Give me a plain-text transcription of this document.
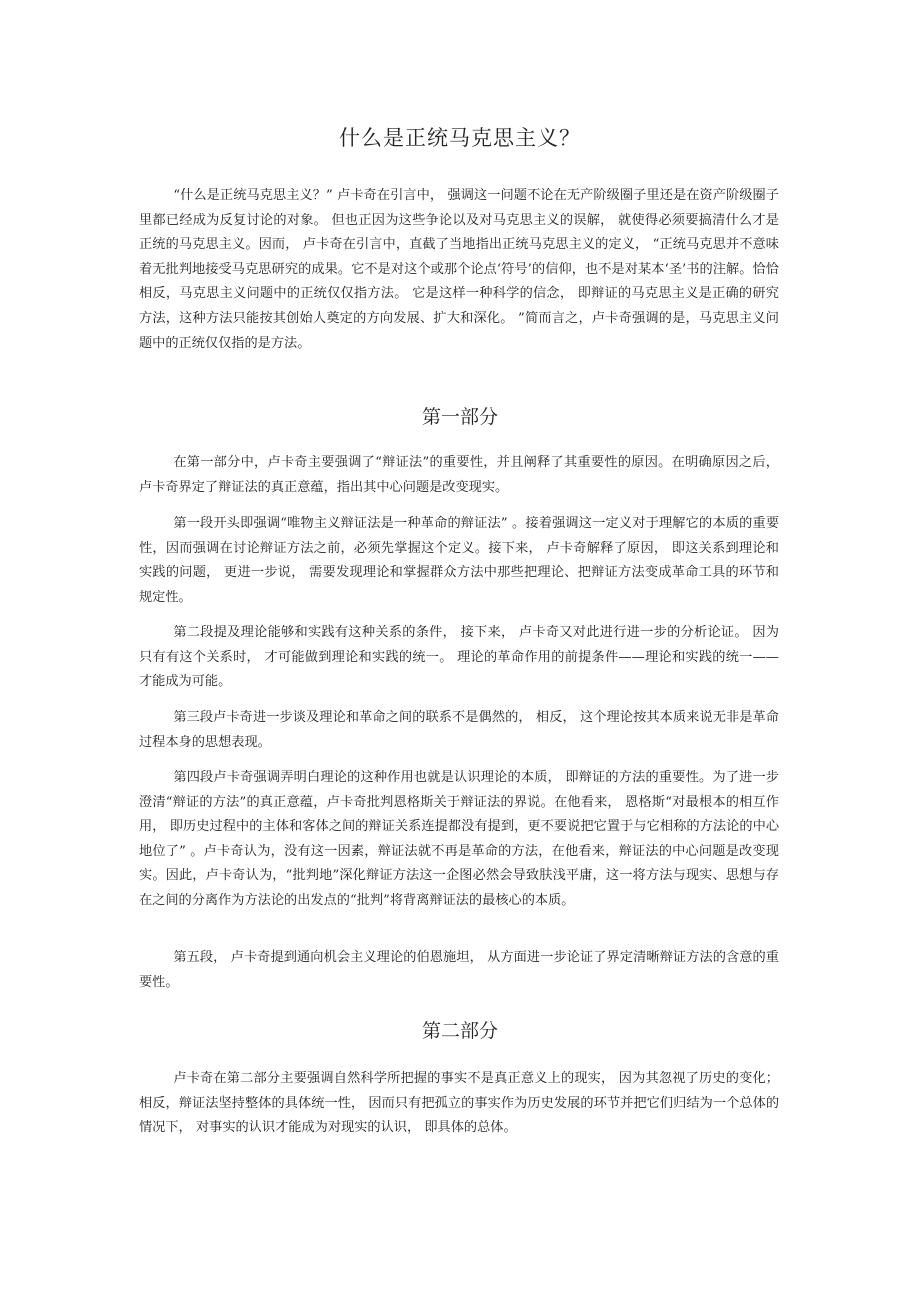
什么是正统马克思主义？

“什么是正统马克思主义？” 卢卡奇在引言中， 强调这一问题不论在无产阶级圈子里还是在资产阶级圈子里都已经成为反复讨论的对象。 但也正因为这些争论以及对马克思主义的误解， 就使得必须要搞清什么才是正统的马克思主义。因而， 卢卡奇在引言中，直截了当地指出正统马克思主义的定义， “正统马克思并不意味着无批判地接受马克思研究的成果。它不是对这个或那个论点‘符号’的信仰，也不是对某本‘圣’书的注解。恰恰相反，马克思主义问题中的正统仅仅指方法。 它是这样一种科学的信念， 即辩证的马克思主义是正确的研究方法，这种方法只能按其创始人奠定的方向发展、扩大和深化。 ”简而言之，卢卡奇强调的是，马克思主义问题中的正统仅仅指的是方法。

第一部分

在第一部分中，卢卡奇主要强调了“辩证法”的重要性，并且阐释了其重要性的原因。在明确原因之后，卢卡奇界定了辩证法的真正意蕴，指出其中心问题是改变现实。

第一段开头即强调“唯物主义辩证法是一种革命的辩证法” 。接着强调这一定义对于理解它的本质的重要性，因而强调在讨论辩证方法之前，必须先掌握这个定义。接下来， 卢卡奇解释了原因， 即这关系到理论和实践的问题， 更进一步说， 需要发现理论和掌握群众方法中那些把理论、把辩证方法变成革命工具的环节和规定性。

第二段提及理论能够和实践有这种关系的条件， 接下来， 卢卡奇又对此进行进一步的分析论证。 因为只有有这个关系时， 才可能做到理论和实践的统一。 理论的革命作用的前提条件——理论和实践的统一——才能成为可能。

第三段卢卡奇进一步谈及理论和革命之间的联系不是偶然的， 相反， 这个理论按其本质来说无非是革命过程本身的思想表现。

第四段卢卡奇强调弄明白理论的这种作用也就是认识理论的本质， 即辩证的方法的重要性。为了进一步澄清“辩证的方法”的真正意蕴，卢卡奇批判恩格斯关于辩证法的界说。在他看来， 恩格斯“对最根本的相互作用， 即历史过程中的主体和客体之间的辩证关系连提都没有提到，更不要说把它置于与它相称的方法论的中心地位了” 。卢卡奇认为，没有这一因素，辩证法就不再是革命的方法，在他看来，辩证法的中心问题是改变现实。因此，卢卡奇认为，“批判地”深化辩证方法这一企图必然会导致肤浅平庸，这一将方法与现实、思想与存在之间的分离作为方法论的出发点的“批判”将背离辩证法的最核心的本质。

第五段， 卢卡奇提到通向机会主义理论的伯恩施坦， 从方面进一步论证了界定清晰辩证方法的含意的重要性。

第二部分

卢卡奇在第二部分主要强调自然科学所把握的事实不是真正意义上的现实， 因为其忽视了历史的变化； 相反，辩证法坚持整体的具体统一性， 因而只有把孤立的事实作为历史发展的环节并把它们归结为一个总体的情况下， 对事实的认识才能成为对现实的认识， 即具体的总体。
